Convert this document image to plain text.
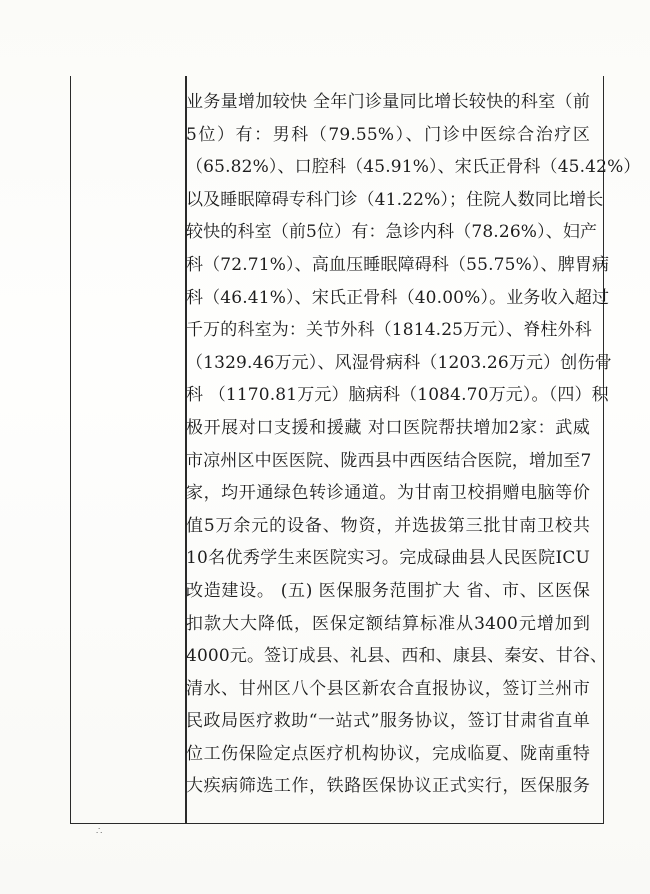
业务量增加较快 全年门诊量同比增长较快的科室（前
5位）有：男科（79.55%）、门诊中医综合治疗区
（65.82%）、口腔科（45.91%）、宋氏正骨科（45.42%）
以及睡眠障碍专科门诊（41.22%）；住院人数同比增长
较快的科室（前5位）有：急诊内科（78.26%）、妇产
科（72.71%）、高血压睡眠障碍科（55.75%）、脾胃病
科（46.41%）、宋氏正骨科（40.00%）。业务收入超过
千万的科室为：关节外科（1814.25万元）、脊柱外科
（1329.46万元）、风湿骨病科（1203.26万元）创伤骨
科 （1170.81万元）脑病科（1084.70万元）。（四）积
极开展对口支援和援藏 对口医院帮扶增加2家：武威
市凉州区中医医院、陇西县中西医结合医院，增加至7
家，均开通绿色转诊通道。为甘南卫校捐赠电脑等价
值5万余元的设备、物资，并选拔第三批甘南卫校共
10名优秀学生来医院实习。完成碌曲县人民医院ICU
改造建设。 (五) 医保服务范围扩大 省、市、区医保
扣款大大降低，医保定额结算标准从3400元增加到
4000元。签订成县、礼县、西和、康县、秦安、甘谷、
清水、甘州区八个县区新农合直报协议，签订兰州市
民政局医疗救助“一站式”服务协议，签订甘肃省直单
位工伤保险定点医疗机构协议，完成临夏、陇南重特
大疾病筛选工作，铁路医保协议正式实行，医保服务
∴
